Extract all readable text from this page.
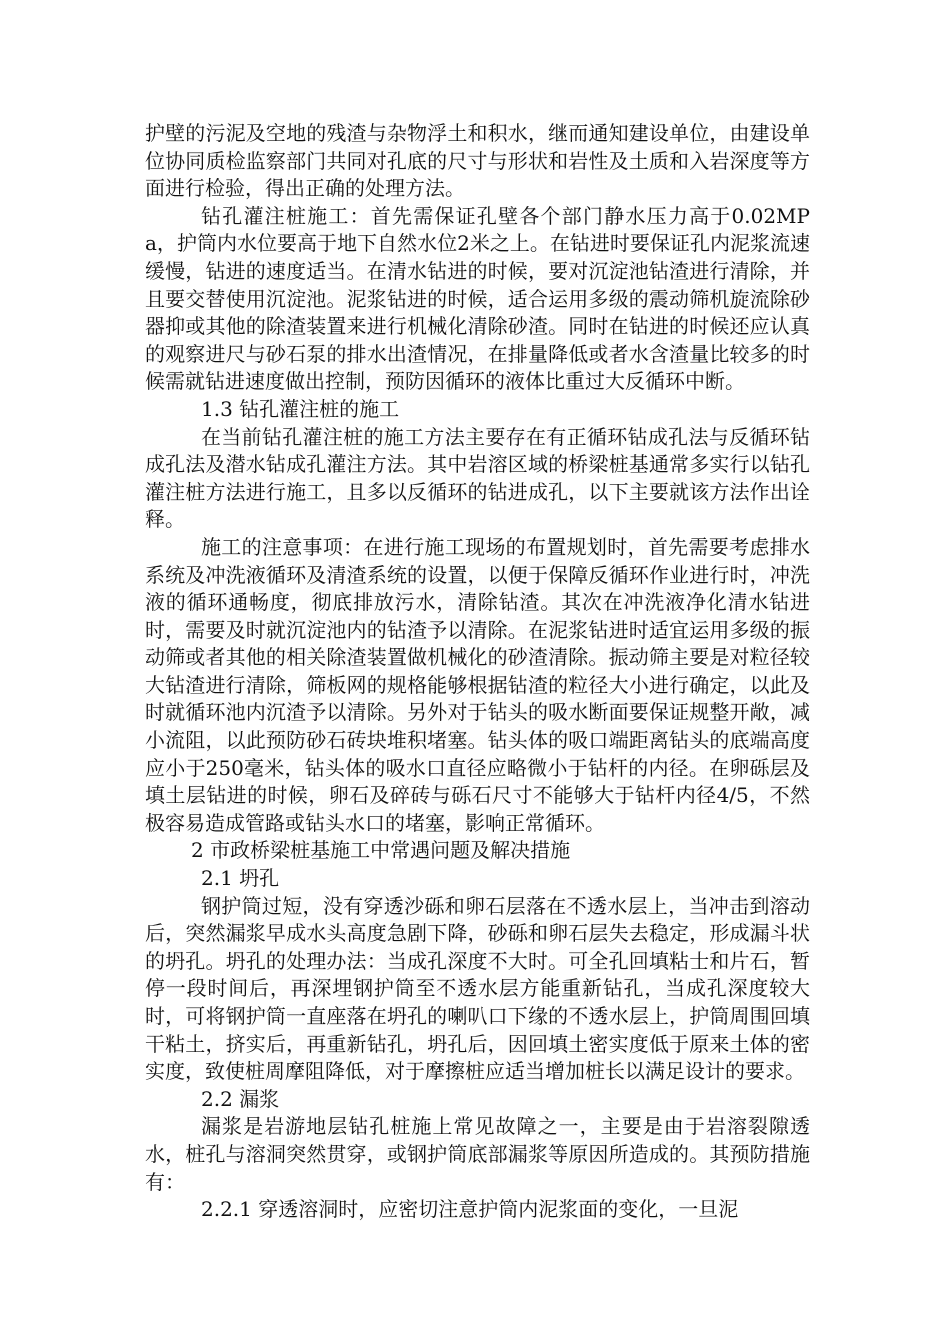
护壁的污泥及空地的残渣与杂物浮土和积水，继而通知建设单位，由建设单位协同质检监察部门共同对孔底的尺寸与形状和岩性及土质和入岩深度等方面进行检验，得出正确的处理方法。

钻孔灌注桩施工：首先需保证孔壁各个部门静水压力高于0.02MPa，护筒内水位要高于地下自然水位2米之上。在钻进时要保证孔内泥浆流速缓慢，钻进的速度适当。在清水钻进的时候，要对沉淀池钻渣进行清除，并且要交替使用沉淀池。泥浆钻进的时候，适合运用多级的震动筛机旋流除砂器抑或其他的除渣装置来进行机械化清除砂渣。同时在钻进的时候还应认真的观察进尺与砂石泵的排水出渣情况，在排量降低或者水含渣量比较多的时候需就钻进速度做出控制，预防因循环的液体比重过大反循环中断。

1.3 钻孔灌注桩的施工

在当前钻孔灌注桩的施工方法主要存在有正循环钻成孔法与反循环钻成孔法及潜水钻成孔灌注方法。其中岩溶区域的桥梁桩基通常多实行以钻孔灌注桩方法进行施工，且多以反循环的钻进成孔，以下主要就该方法作出诠释。

施工的注意事项：在进行施工现场的布置规划时，首先需要考虑排水系统及冲洗液循环及清渣系统的设置，以便于保障反循环作业进行时，冲洗液的循环通畅度，彻底排放污水，清除钻渣。其次在冲洗液净化清水钻进时，需要及时就沉淀池内的钻渣予以清除。在泥浆钻进时适宜运用多级的振动筛或者其他的相关除渣装置做机械化的砂渣清除。振动筛主要是对粒径较大钻渣进行清除，筛板网的规格能够根据钻渣的粒径大小进行确定，以此及时就循环池内沉渣予以清除。另外对于钻头的吸水断面要保证规整开敞，减小流阻，以此预防砂石砖块堆积堵塞。钻头体的吸口端距离钻头的底端高度应小于250毫米，钻头体的吸水口直径应略微小于钻杆的内径。在卵砾层及填土层钻进的时候，卵石及碎砖与砾石尺寸不能够大于钻杆内径4/5，不然极容易造成管路或钻头水口的堵塞，影响正常循环。

2 市政桥梁桩基施工中常遇问题及解决措施

2.1 坍孔

钢护筒过短，没有穿透沙砾和卵石层落在不透水层上，当冲击到溶动后，突然漏浆早成水头高度急剧下降，砂砾和卵石层失去稳定，形成漏斗状的坍孔。坍孔的处理办法：当成孔深度不大时。可全孔回填粘士和片石，暂停一段时间后，再深埋钢护筒至不透水层方能重新钻孔，当成孔深度较大时，可将钢护筒一直座落在坍孔的喇叭口下缘的不透水层上，护筒周围回填干粘土，挤实后，再重新钻孔，坍孔后，因回填土密实度低于原来土体的密实度，致使桩周摩阻降低，对于摩擦桩应适当增加桩长以满足设计的要求。

2.2 漏浆

漏浆是岩游地层钻孔桩施上常见故障之一，主要是由于岩溶裂隙透水，桩孔与溶洞突然贯穿，或钢护筒底部漏浆等原因所造成的。其预防措施有：

2.2.1 穿透溶洞时，应密切注意护筒内泥浆面的变化，一旦泥
